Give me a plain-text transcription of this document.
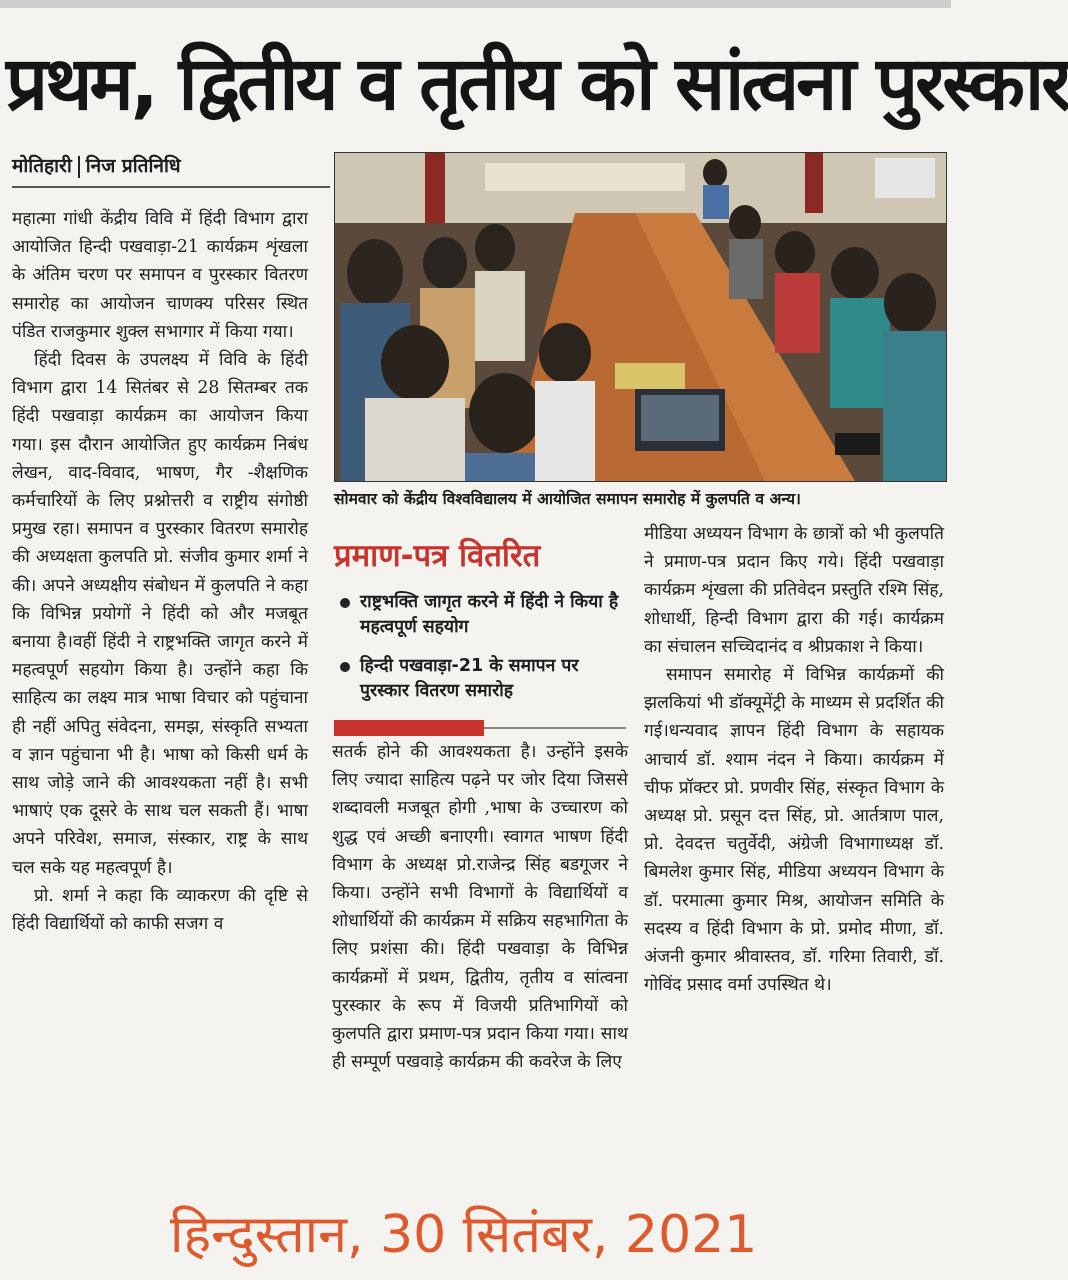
प्रथम, द्वितीय व तृतीय को सांत्वना पुरस्कार
मोतिहारी निज प्रतिनिधि

महात्मा गांधी केंद्रीय विवि में हिंदी विभाग द्वारा आयोजित हिन्दी पखवाड़ा-21 कार्यक्रम शृंखला के अंतिम चरण पर समापन व पुरस्कार वितरण समारोह का आयोजन चाणक्य परिसर स्थित पंडित राजकुमार शुक्ल सभागार में किया गया।

हिंदी दिवस के उपलक्ष्य में विवि के हिंदी विभाग द्वारा 14 सितंबर से 28 सितम्बर तक हिंदी पखवाड़ा कार्यक्रम का आयोजन किया गया। इस दौरान आयोजित हुए कार्यक्रम निबंध लेखन, वाद-विवाद, भाषण, गैर -शैक्षणिक कर्मचारियों के लिए प्रश्नोत्तरी व राष्ट्रीय संगोष्ठी प्रमुख रहा। समापन व पुरस्कार वितरण समारोह की अध्यक्षता कुलपति प्रो. संजीव कुमार शर्मा ने की। अपने अध्यक्षीय संबोधन में कुलपति ने कहा कि विभिन्न प्रयोगों ने हिंदी को और मजबूत बनाया है।वहीं हिंदी ने राष्ट्रभक्ति जागृत करने में महत्वपूर्ण सहयोग किया है। उन्होंने कहा कि साहित्य का लक्ष्य मात्र भाषा विचार को पहुंचाना ही नहीं अपितु संवेदना, समझ, संस्कृति सभ्यता व ज्ञान पहुंचाना भी है। भाषा को किसी धर्म के साथ जोड़े जाने की आवश्यकता नहीं है। सभी भाषाएं एक दूसरे के साथ चल सकती हैं। भाषा अपने परिवेश, समाज, संस्कार, राष्ट्र के साथ चल सके यह महत्वपूर्ण है।

प्रो. शर्मा ने कहा कि व्याकरण की दृष्टि से हिंदी विद्यार्थियों को काफी सजग व

सोमवार को केंद्रीय विश्वविद्यालय में आयोजित समापन समारोह में कुलपति व अन्य।
प्रमाण-पत्र वितरित
राष्ट्रभक्ति जागृत करने में हिंदी ने किया है महत्वपूर्ण सहयोग
हिन्दी पखवाड़ा-21 के समापन पर पुरस्कार वितरण समारोह

सतर्क होने की आवश्यकता है। उन्होंने इसके लिए ज्यादा साहित्य पढ़ने पर जोर दिया जिससे शब्दावली मजबूत होगी ,भाषा के उच्चारण को शुद्ध एवं अच्छी बनाएगी। स्वागत भाषण हिंदी विभाग के अध्यक्ष प्रो.राजेन्द्र सिंह बडगूजर ने किया। उन्होंने सभी विभागों के विद्यार्थियों व शोधार्थियों की कार्यक्रम में सक्रिय सहभागिता के लिए प्रशंसा की। हिंदी पखवाड़ा के विभिन्न कार्यक्रमों में प्रथम, द्वितीय, तृतीय व सांत्वना पुरस्कार के रूप में विजयी प्रतिभागियों को कुलपति द्वारा प्रमाण-पत्र प्रदान किया गया। साथ ही सम्पूर्ण पखवाड़े कार्यक्रम की कवरेज के लिए

मीडिया अध्ययन विभाग के छात्रों को भी कुलपति ने प्रमाण-पत्र प्रदान किए गये। हिंदी पखवाड़ा कार्यक्रम शृंखला की प्रतिवेदन प्रस्तुति रश्मि सिंह, शोधार्थी, हिन्दी विभाग द्वारा की गई। कार्यक्रम का संचालन सच्चिदानंद व श्रीप्रकाश ने किया।

समापन समारोह में विभिन्न कार्यक्रमों की झलकियां भी डॉक्यूमेंट्री के माध्यम से प्रदर्शित की गई।धन्यवाद ज्ञापन हिंदी विभाग के सहायक आचार्य डॉ. श्याम नंदन ने किया। कार्यक्रम में चीफ प्रॉक्टर प्रो. प्रणवीर सिंह, संस्कृत विभाग के अध्यक्ष प्रो. प्रसून दत्त सिंह, प्रो. आर्तत्राण पाल, प्रो. देवदत्त चतुर्वेदी, अंग्रेजी विभागाध्यक्ष डॉ. बिमलेश कुमार सिंह, मीडिया अध्ययन विभाग के डॉ. परमात्मा कुमार मिश्र, आयोजन समिति के सदस्य व हिंदी विभाग के प्रो. प्रमोद मीणा, डॉ. अंजनी कुमार श्रीवास्तव, डॉ. गरिमा तिवारी, डॉ. गोविंद प्रसाद वर्मा उपस्थित थे।

हिन्दुस्तान, 30 सितंबर, 2021
